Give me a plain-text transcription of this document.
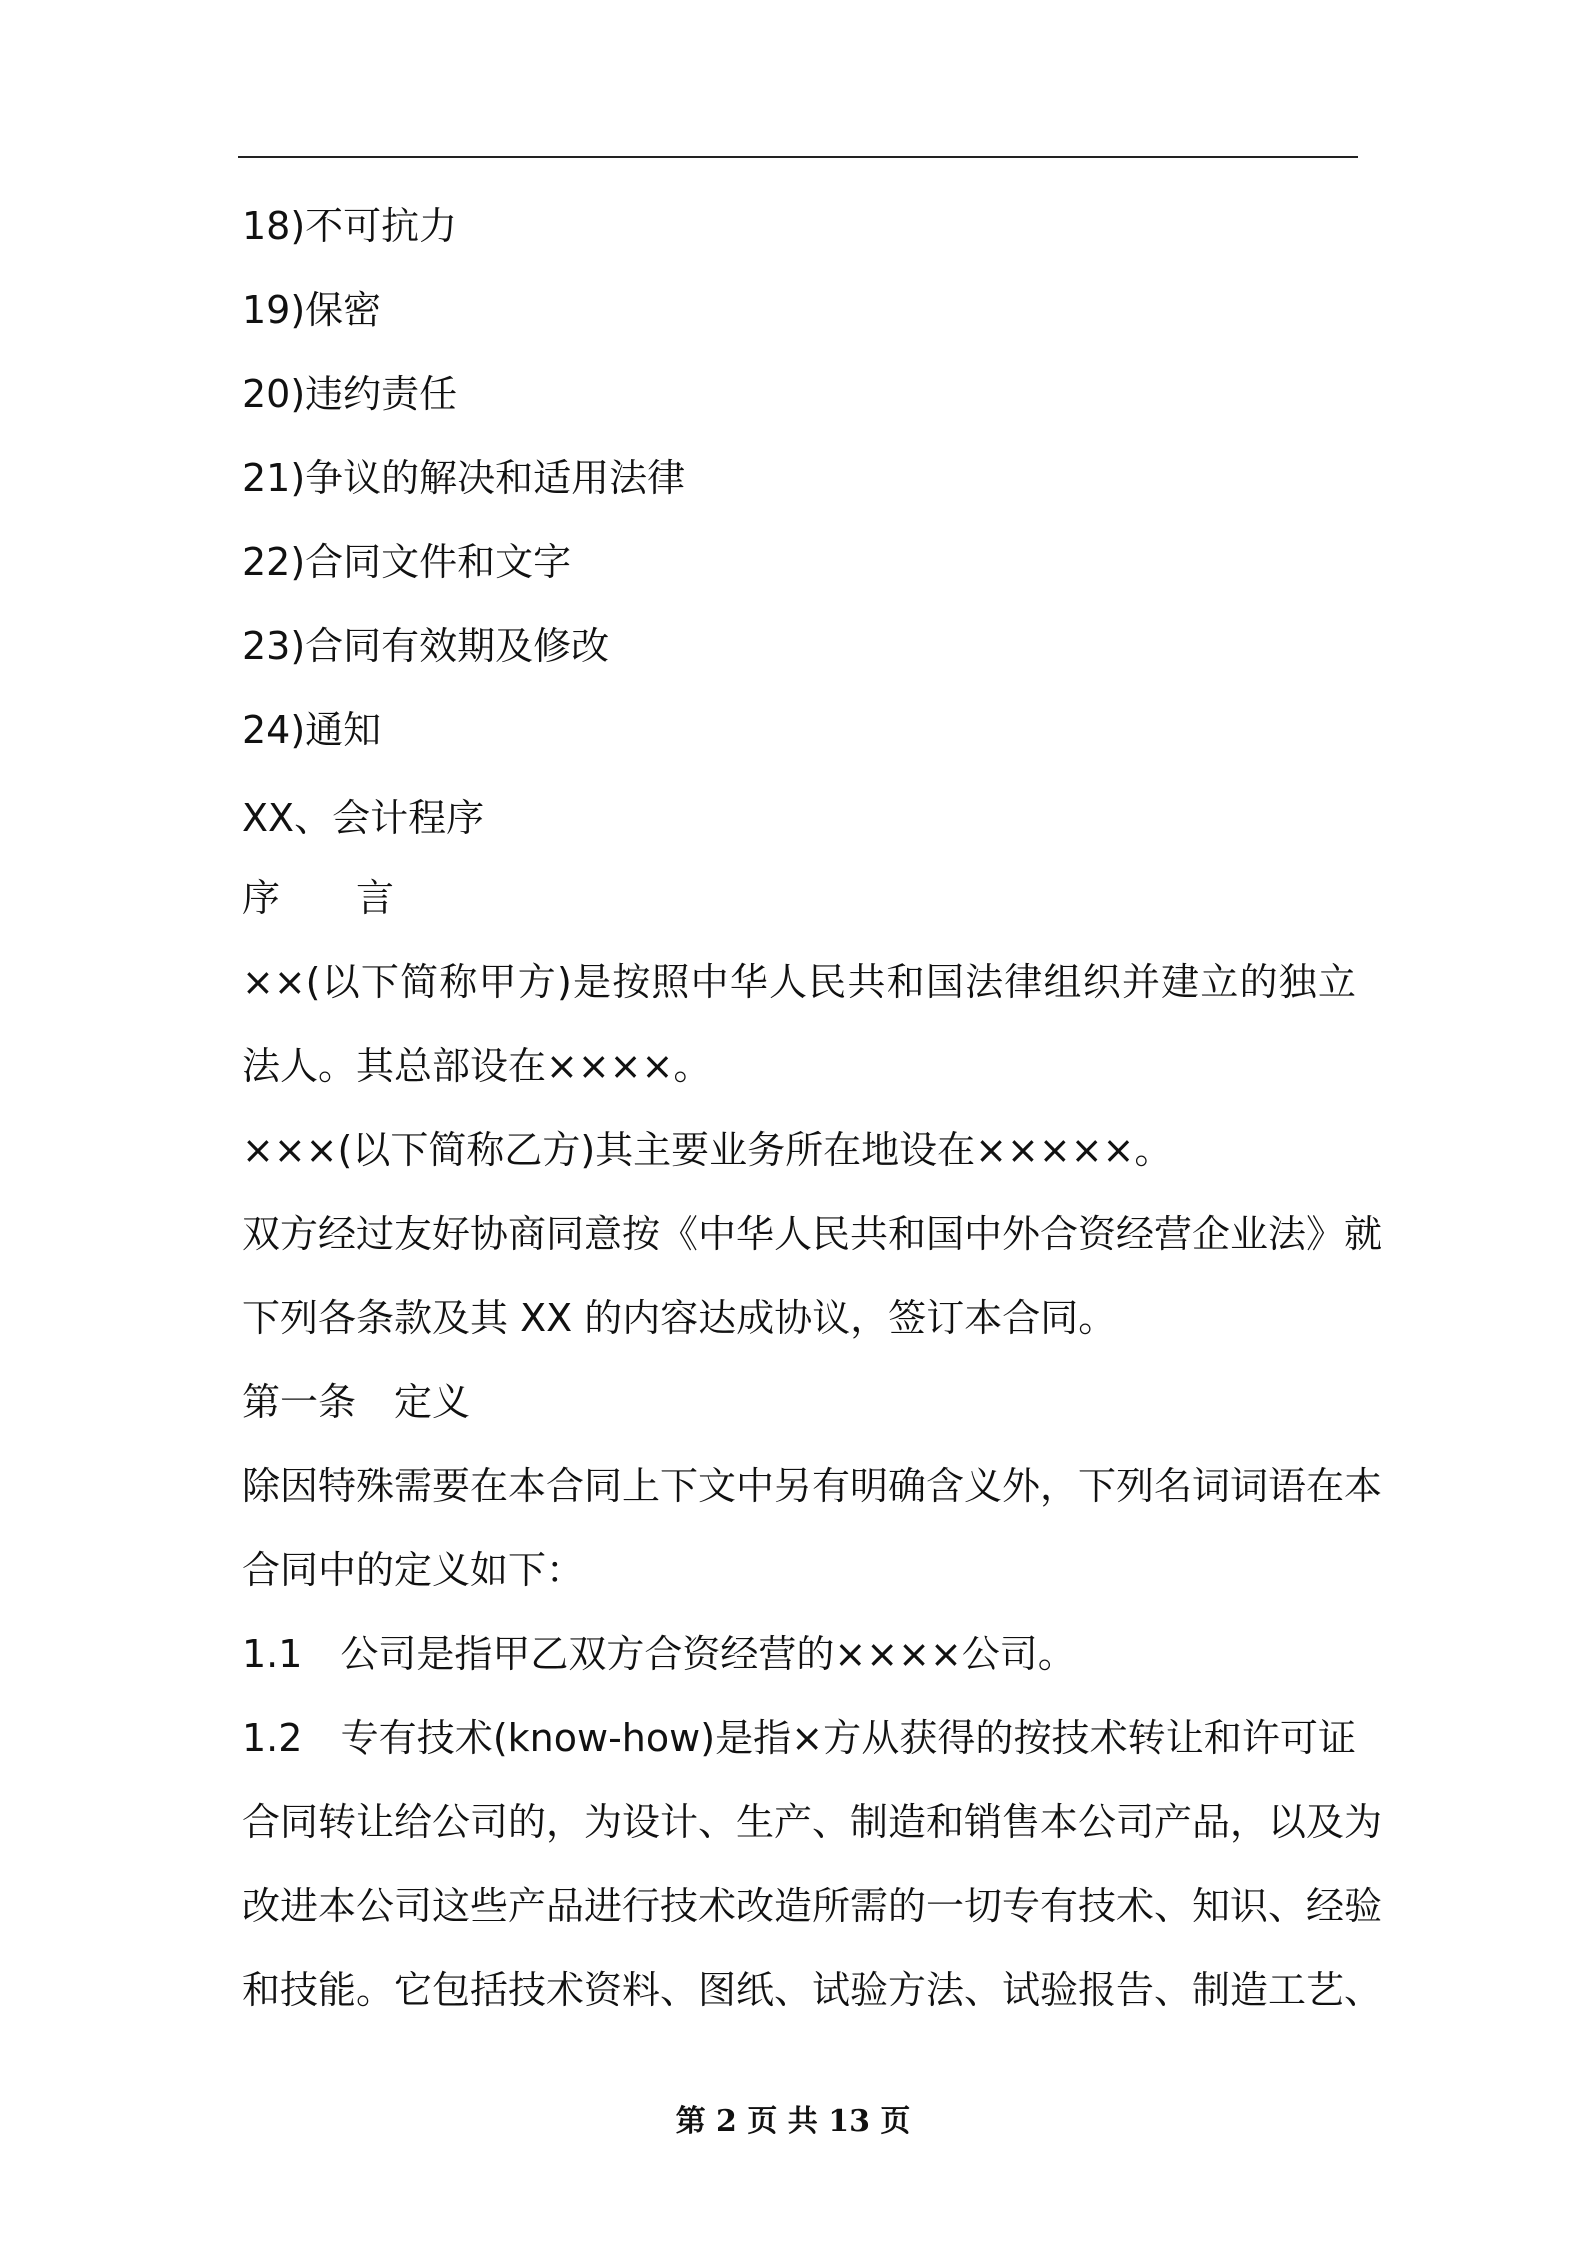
18)不可抗力
19)保密
20)违约责任
21)争议的解决和适用法律
22)合同文件和文字
23)合同有效期及修改
24)通知
XX、会计程序
序　　言
××(以下简称甲方)是按照中华人民共和国法律组织并建立的独立
法人。其总部设在××××。
×××(以下简称乙方)其主要业务所在地设在×××××。
双方经过友好协商同意按《中华人民共和国中外合资经营企业法》就
下列各条款及其 XX 的内容达成协议，签订本合同。
第一条　定义
除因特殊需要在本合同上下文中另有明确含义外，下列名词词语在本
合同中的定义如下：
1.1　公司是指甲乙双方合资经营的××××公司。
1.2　专有技术(know-how)是指×方从获得的按技术转让和许可证
合同转让给公司的，为设计、生产、制造和销售本公司产品，以及为
改进本公司这些产品进行技术改造所需的一切专有技术、知识、经验
和技能。它包括技术资料、图纸、试验方法、试验报告、制造工艺、
第 2 页 共 13 页
